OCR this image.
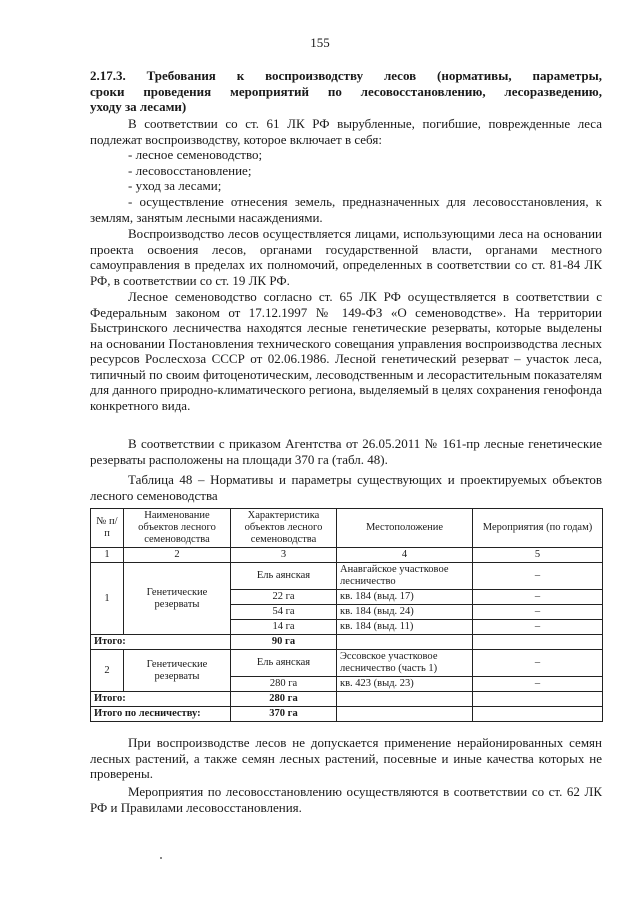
155
2.17.3. Требования к воспроизводству лесов (нормативы, параметры,
сроки проведения мероприятий по лесовосстановлению, лесоразведению,
уходу за лесами)
В соответствии со ст. 61 ЛК РФ вырубленные, погибшие, поврежденные леса подлежат воспроизводству, которое включает в себя:
- лесное семеноводство;
- лесовосстановление;
- уход за лесами;
- осуществление отнесения земель, предназначенных для лесовосстановления, к землям, занятым лесными насаждениями.
Воспроизводство лесов осуществляется лицами, использующими леса на основании проекта освоения лесов, органами государственной власти, органами местного самоуправления в пределах их полномочий, определенных в соответствии со ст. 81-84 ЛК РФ, в соответствии со ст. 19 ЛК РФ.
Лесное семеноводство согласно ст. 65 ЛК РФ осуществляется в соответствии с Федеральным законом от 17.12.1997 № 149-ФЗ «О семеноводстве». На территории Быстринского лесничества находятся лесные генетические резерваты, которые выделены на основании Постановления технического совещания управления воспроизводства лесных ресурсов Рослесхоза СССР от 02.06.1986. Лесной генетический резерват – участок леса, типичный по своим фитоценотическим, лесоводственным и лесорастительным показателям для данного природно-климатического региона, выделяемый в целях сохранения генофонда конкретного вида.
В соответствии с приказом Агентства от 26.05.2011 № 161-пр лесные генетические резерваты расположены на площади 370 га (табл. 48).
Таблица 48 – Нормативы и параметры существующих и проектируемых объектов лесного семеноводства
№ п/п	Наименование объектов лесного семеноводства	Характеристика объектов лесного семеноводства	Местоположение	Мероприятия (по годам)
1	2	3	4	5
1	Генетические резерваты	Ель аянская	Анавгайское участковое лесничество	–
		22 га	кв. 184 (выд. 17)	–
		54 га	кв. 184 (выд. 24)	–
		14 га	кв. 184 (выд. 11)	–
Итого:		90 га		
2	Генетические резерваты	Ель аянская	Эссовское участковое лесничество (часть 1)	–
		280 га	кв. 423 (выд. 23)	–
Итого:		280 га		
Итого по лесничеству:		370 га		
При воспроизводстве лесов не допускается применение нерайонированных семян лесных растений, а также семян лесных растений, посевные и иные качества которых не проверены.
Мероприятия по лесовосстановлению осуществляются в соответствии со ст. 62 ЛК РФ и Правилами лесовосстановления.
